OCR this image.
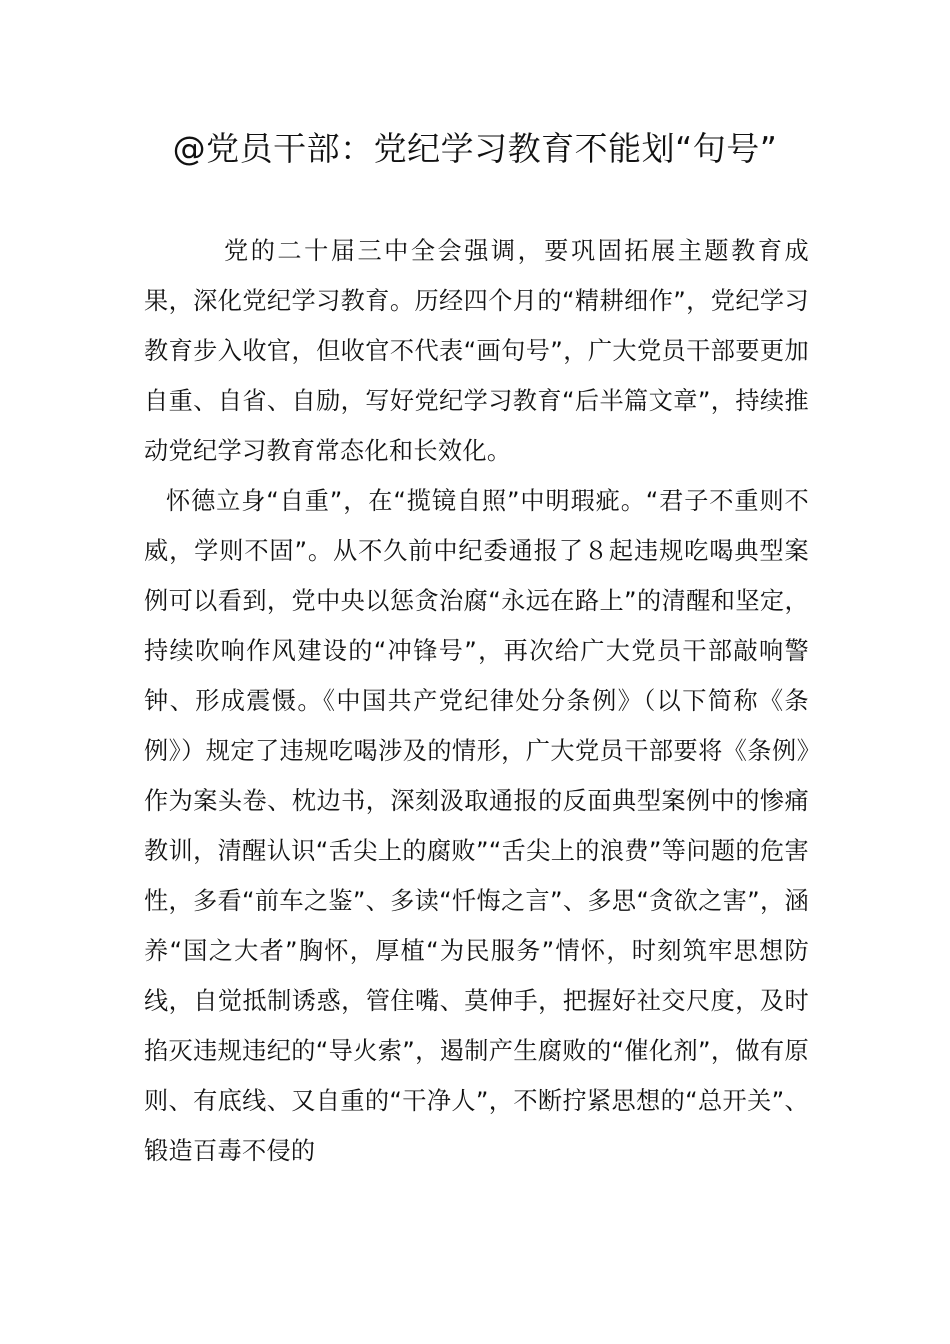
@党员干部：党纪学习教育不能划“句号”

党的二十届三中全会强调，要巩固拓展主题教育成果，深化党纪学习教育。历经四个月的“精耕细作”，党纪学习教育步入收官，但收官不代表“画句号”，广大党员干部要更加自重、自省、自励，写好党纪学习教育“后半篇文章”，持续推动党纪学习教育常态化和长效化。

怀德立身“自重”，在“揽镜自照”中明瑕疵。“君子不重则不威，学则不固”。从不久前中纪委通报了８起违规吃喝典型案例可以看到，党中央以惩贪治腐“永远在路上”的清醒和坚定，持续吹响作风建设的“冲锋号”，再次给广大党员干部敲响警钟、形成震慑。《中国共产党纪律处分条例》（以下简称《条例》）规定了违规吃喝涉及的情形，广大党员干部要将《条例》作为案头卷、枕边书，深刻汲取通报的反面典型案例中的惨痛教训，清醒认识“舌尖上的腐败”“舌尖上的浪费”等问题的危害性，多看“前车之鉴”、多读“忏悔之言”、多思“贪欲之害”，涵养“国之大者”胸怀，厚植“为民服务”情怀，时刻筑牢思想防线，自觉抵制诱惑，管住嘴、莫伸手，把握好社交尺度，及时掐灭违规违纪的“导火索”，遏制产生腐败的“催化剂”，做有原则、有底线、又自重的“干净人”，不断拧紧思想的“总开关”、锻造百毒不侵的
